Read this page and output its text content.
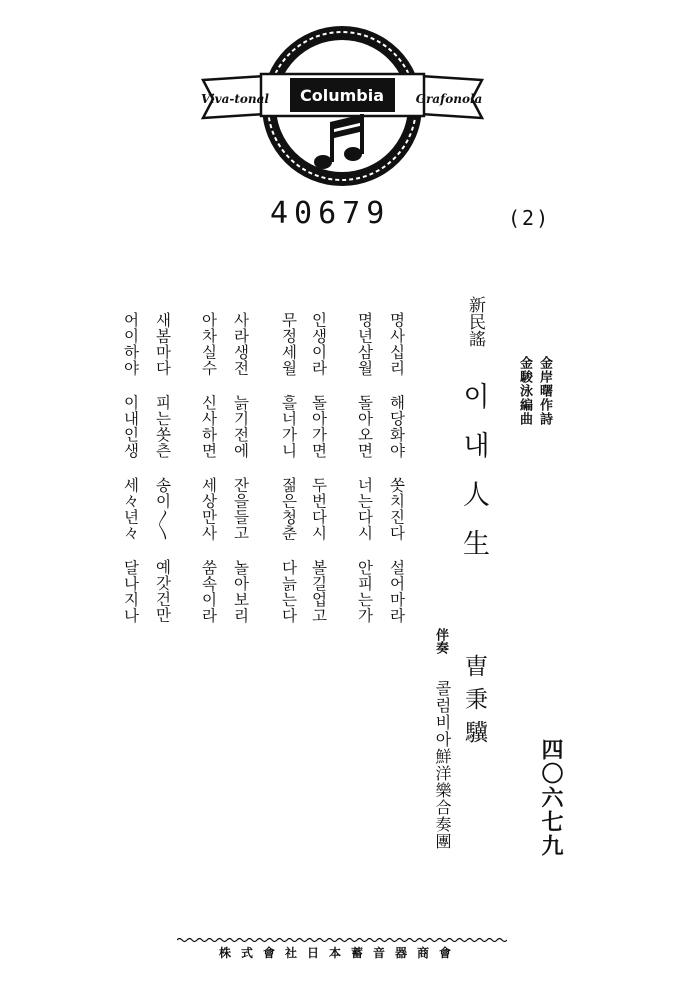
Viva-tonal Columbia	Grafonola
40679	(2)
명사십리 해당화야 쏫치진다 설어마라
명년삼월 돌아오면 너는다시 안피는가
인생이라 돌아가면 두번다시 볼길업고
무정세월 흘너가니 젊은청춘 다늙는다
사라생전 늙기전에 잔을들고 놀아보리
아차실수 신사하면 세상만사 쑴속이라
새봄마다 피는쏫츤 송이〳〵 예갓건만
어이하야 이내인생 세々년々 달나지나	新民謠
이내人生	金岸曙作詩
金駿泳編曲
曺秉驥
伴奏
콜럼비아鮮洋樂合奏團	四〇六七九
株式會社日本蓄音器商會
